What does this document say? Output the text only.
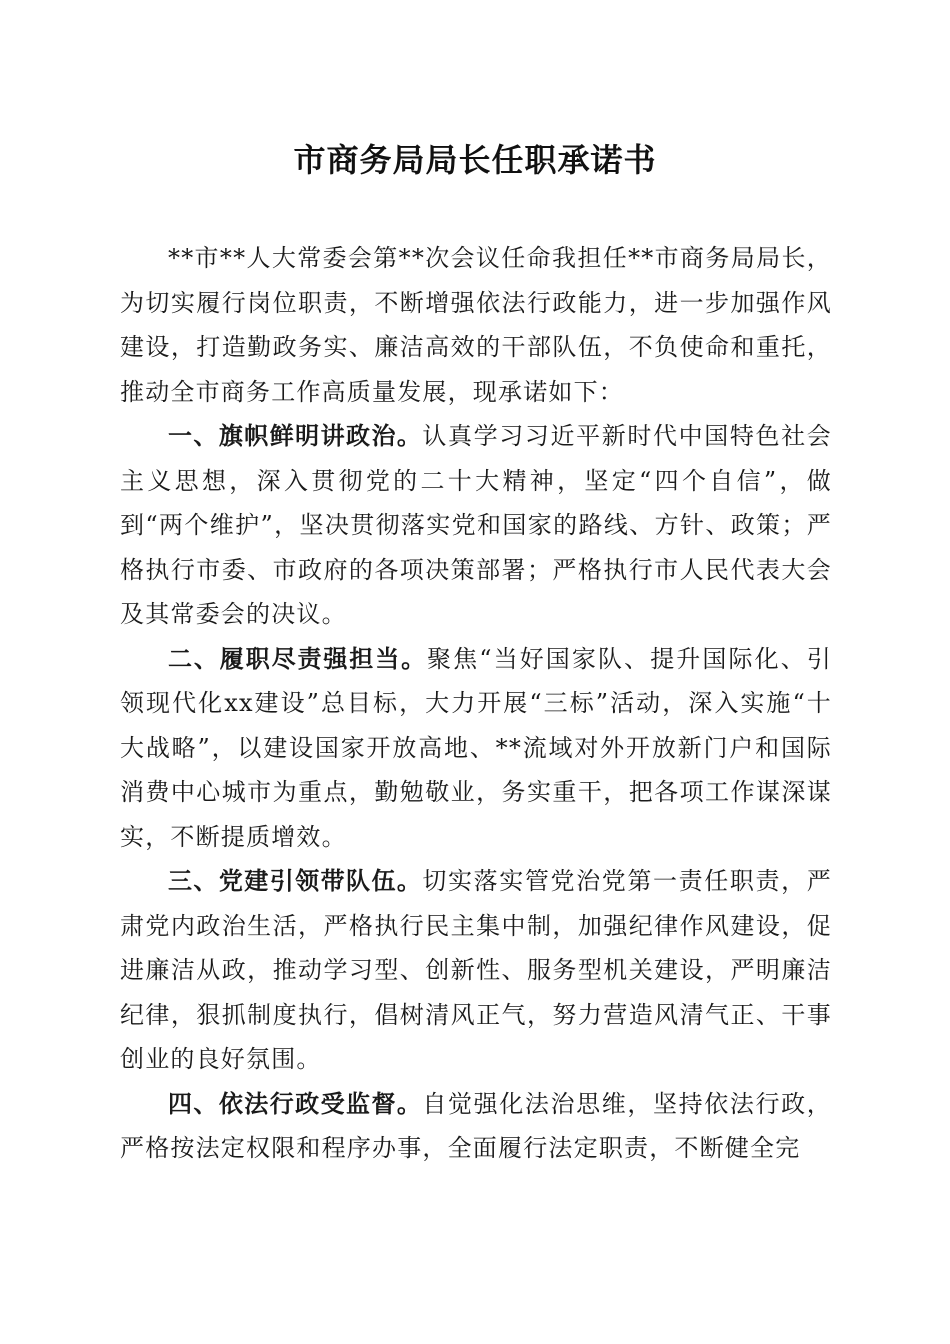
市商务局局长任职承诺书

**市**人大常委会第**次会议任命我担任**市商务局局长，为切实履行岗位职责，不断增强依法行政能力，进一步加强作风建设，打造勤政务实、廉洁高效的干部队伍，不负使命和重托，推动全市商务工作高质量发展，现承诺如下：

一、旗帜鲜明讲政治。认真学习习近平新时代中国特色社会主义思想，深入贯彻党的二十大精神，坚定“四个自信”，做到“两个维护”，坚决贯彻落实党和国家的路线、方针、政策；严格执行市委、市政府的各项决策部署；严格执行市人民代表大会及其常委会的决议。

二、履职尽责强担当。聚焦“当好国家队、提升国际化、引领现代化xx建设”总目标，大力开展“三标”活动，深入实施“十大战略”，以建设国家开放高地、**流域对外开放新门户和国际消费中心城市为重点，勤勉敬业，务实重干，把各项工作谋深谋实，不断提质增效。

三、党建引领带队伍。切实落实管党治党第一责任职责，严肃党内政治生活，严格执行民主集中制，加强纪律作风建设，促进廉洁从政，推动学习型、创新性、服务型机关建设，严明廉洁纪律，狠抓制度执行，倡树清风正气，努力营造风清气正、干事创业的良好氛围。

四、依法行政受监督。自觉强化法治思维，坚持依法行政，严格按法定权限和程序办事，全面履行法定职责，不断健全完
